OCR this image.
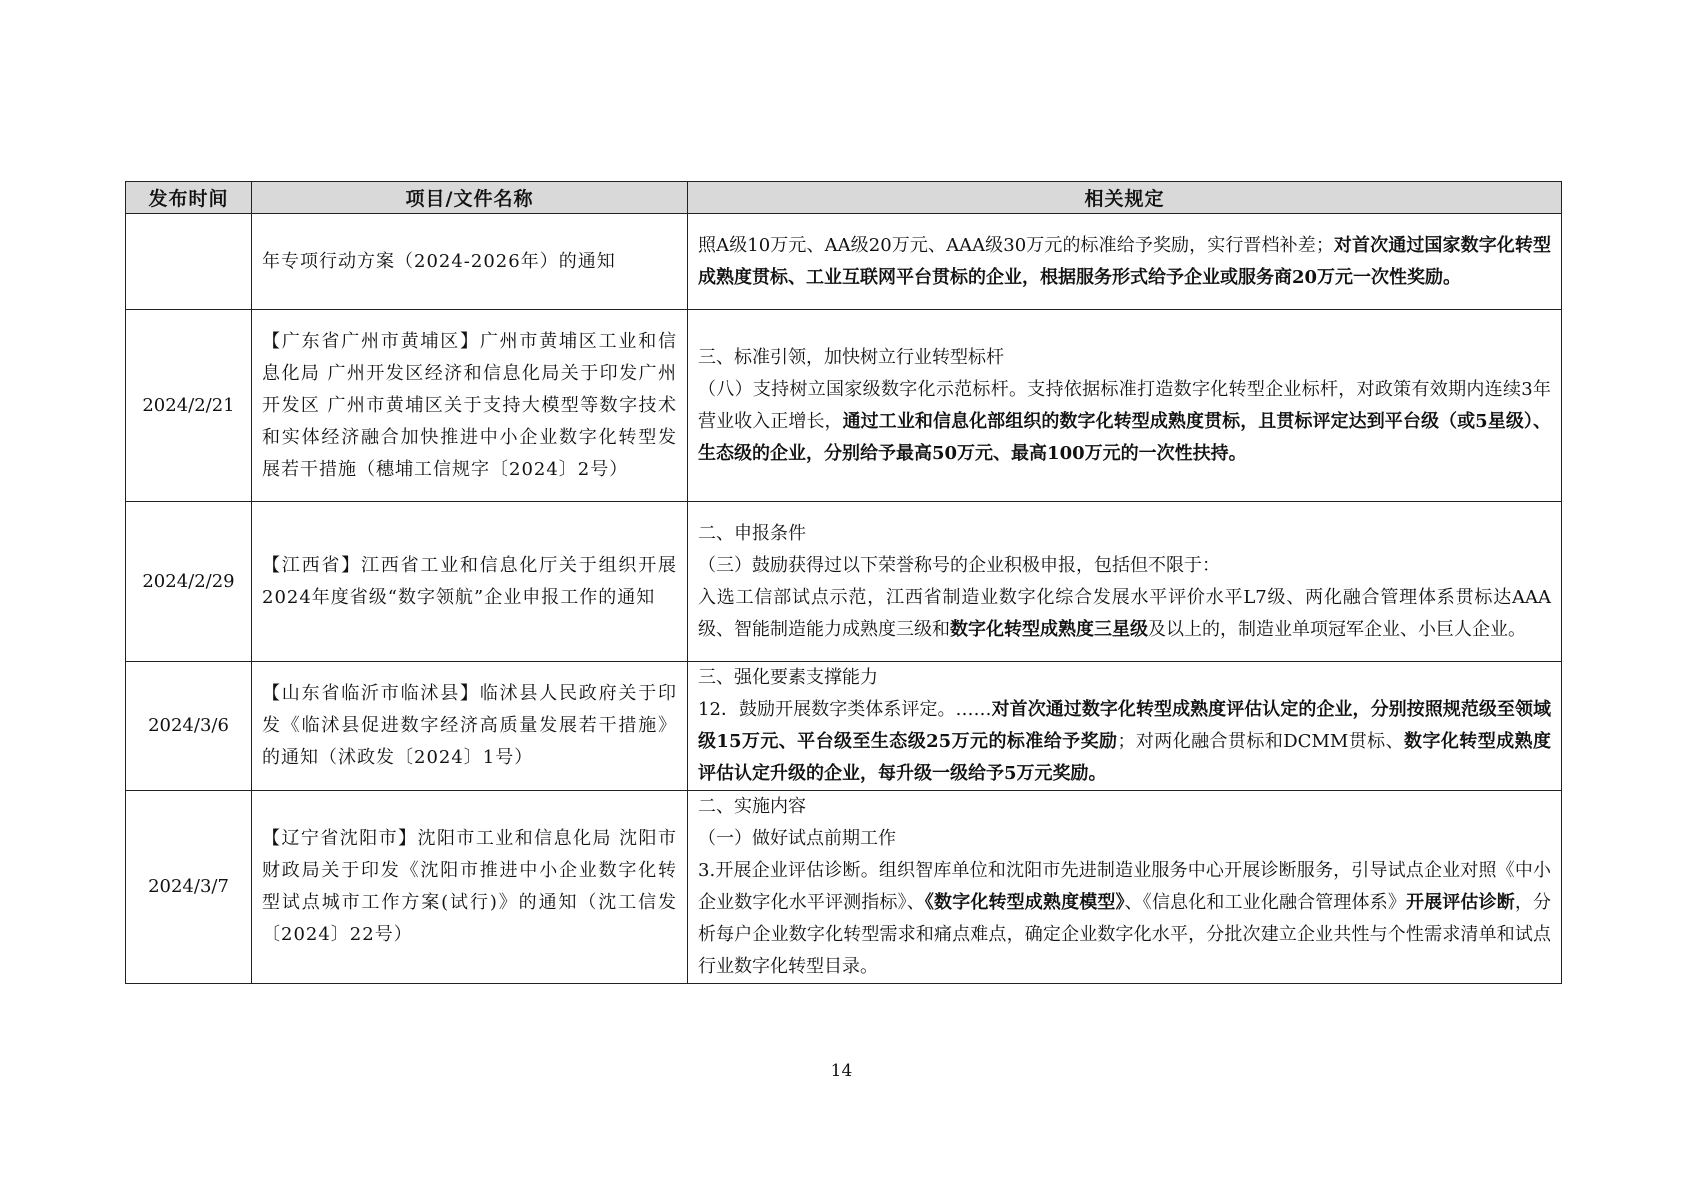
发布时间	项目/文件名称	相关规定
	年专项行动方案（2024-2026年）的通知	照A级10万元、AA级20万元、AAA级30万元的标准给予奖励，实行晋档补差；对首次通过国家数字化转型成熟度贯标、工业互联网平台贯标的企业，根据服务形式给予企业或服务商20万元一次性奖励。
2024/2/21	【广东省广州市黄埔区】广州市黄埔区工业和信息化局 广州开发区经济和信息化局关于印发广州开发区 广州市黄埔区关于支持大模型等数字技术和实体经济融合加快推进中小企业数字化转型发展若干措施（穗埔工信规字〔2024〕2号）	三、标准引领，加快树立行业转型标杆
（八）支持树立国家级数字化示范标杆。支持依据标准打造数字化转型企业标杆，对政策有效期内连续3年营业收入正增长，通过工业和信息化部组织的数字化转型成熟度贯标，且贯标评定达到平台级（或5星级）、生态级的企业，分别给予最高50万元、最高100万元的一次性扶持。
2024/2/29	【江西省】江西省工业和信息化厅关于组织开展2024年度省级“数字领航”企业申报工作的通知	二、申报条件
（三）鼓励获得过以下荣誉称号的企业积极申报，包括但不限于：
入选工信部试点示范，江西省制造业数字化综合发展水平评价水平L7级、两化融合管理体系贯标达AAA级、智能制造能力成熟度三级和数字化转型成熟度三星级及以上的，制造业单项冠军企业、小巨人企业。
2024/3/6	【山东省临沂市临沭县】临沭县人民政府关于印发《临沭县促进数字经济高质量发展若干措施》的通知（沭政发〔2024〕1号）	三、强化要素支撑能力
12．鼓励开展数字类体系评定。……对首次通过数字化转型成熟度评估认定的企业，分别按照规范级至领域级15万元、平台级至生态级25万元的标准给予奖励；对两化融合贯标和DCMM贯标、数字化转型成熟度评估认定升级的企业，每升级一级给予5万元奖励。
2024/3/7	【辽宁省沈阳市】沈阳市工业和信息化局 沈阳市财政局关于印发《沈阳市推进中小企业数字化转型试点城市工作方案(试行)》的通知（沈工信发〔2024〕22号）	二、实施内容
（一）做好试点前期工作
3.开展企业评估诊断。组织智库单位和沈阳市先进制造业服务中心开展诊断服务，引导试点企业对照《中小企业数字化水平评测指标》、《数字化转型成熟度模型》、《信息化和工业化融合管理体系》开展评估诊断，分析每户企业数字化转型需求和痛点难点，确定企业数字化水平，分批次建立企业共性与个性需求清单和试点行业数字化转型目录。
14
